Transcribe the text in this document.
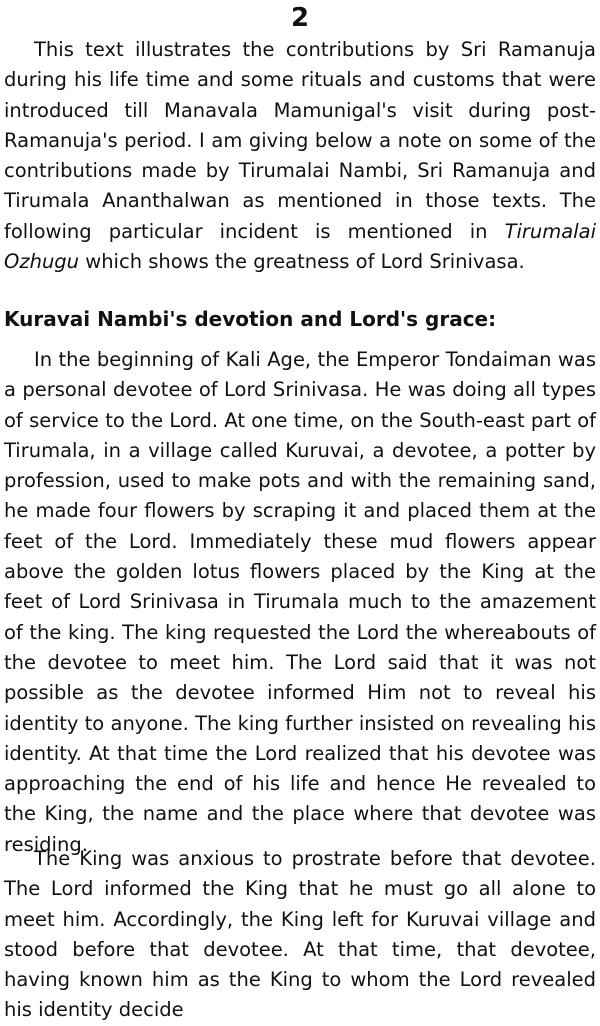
2

This text illustrates the contributions by Sri Ramanuja during his life time and some rituals and customs that were introduced till Manavala Mamunigal's visit during post-Ramanuja's period. I am giving below a note on some of the contributions made by Tirumalai Nambi, Sri Ramanuja and Tirumala Ananthalwan as mentioned in those texts. The following particular incident is mentioned in Tirumalai Ozhugu which shows the greatness of Lord Srinivasa.

Kuravai Nambi's devotion and Lord's grace:

In the beginning of Kali Age, the Emperor Tondaiman was a personal devotee of Lord Srinivasa. He was doing all types of service to the Lord. At one time, on the South-east part of Tirumala, in a village called Kuruvai, a devotee, a potter by profession, used to make pots and with the remaining sand, he made four flowers by scraping it and placed them at the feet of the Lord. Immediately these mud flowers appear above the golden lotus flowers placed by the King at the feet of Lord Srinivasa in Tirumala much to the amazement of the king. The king requested the Lord the whereabouts of the devotee to meet him. The Lord said that it was not possible as the devotee informed Him not to reveal his identity to anyone. The king further insisted on revealing his identity. At that time the Lord realized that his devotee was approaching the end of his life and hence He revealed to the King, the name and the place where that devotee was residing.

The King was anxious to prostrate before that devotee. The Lord informed the King that he must go all alone to meet him. Accordingly, the King left for Kuruvai village and stood before that devotee. At that time, that devotee, having known him as the King to whom the Lord revealed his identity decide
